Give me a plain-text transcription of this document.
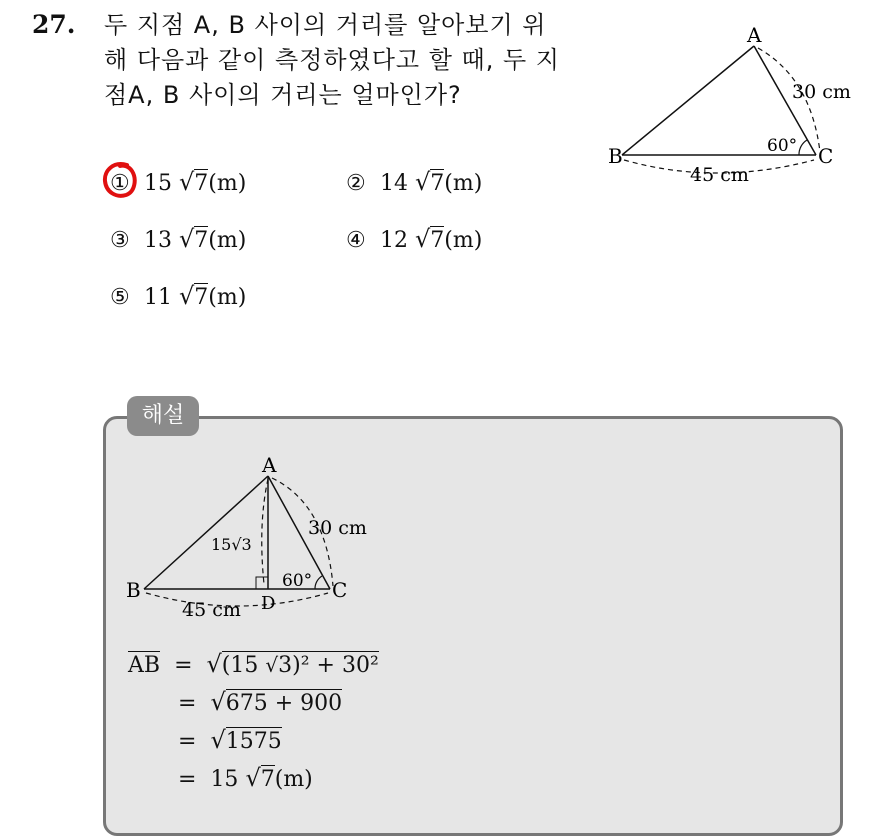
27. 두 지점 A, B 사이의 거리를 알아보기 위
해 다음과 같이 측정하였다고 할 때, 두 지
점A, B 사이의 거리는 얼마인가?
① 15 √7(m)	② 14 √7(m)
③ 13 √7(m)	④ 12 √7(m)
⑤ 11 √7(m)
A
B	C
30 cm
45 cm
60°
해설
A
B	C
D
15√3
30 cm
45 cm
60°
AB = √(15 √3)² + 30²
= √675 + 900
= √1575
= 15 √7(m)
